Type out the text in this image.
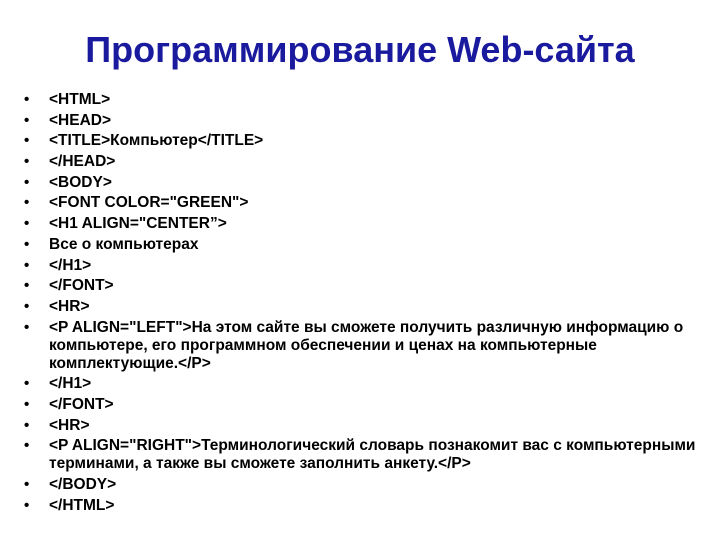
Программирование Web-сайта
•	<HTML>
•	<HEAD>
•	<TITLE>Компьютер</TITLE>
•	</HEAD>
•	<BODY>
•	<FONT COLOR="GREEN">
•	<H1 ALIGN="CENTER”>
•	Все о компьютерах
•	</H1>
•	</FONT>
•	<HR>
•	<P ALIGN="LEFT">На этом сайте вы сможете получить различную информацию о компьютере, его программном обеспечении и ценах на компьютерные комплектующие.</P>
•	</H1>
•	</FONT>
•	<HR>
•	<P ALIGN="RIGHT">Терминологический словарь познакомит вас с компьютерными терминами, а также вы сможете заполнить анкету.</P>
•	</BODY>
•	</HTML>
